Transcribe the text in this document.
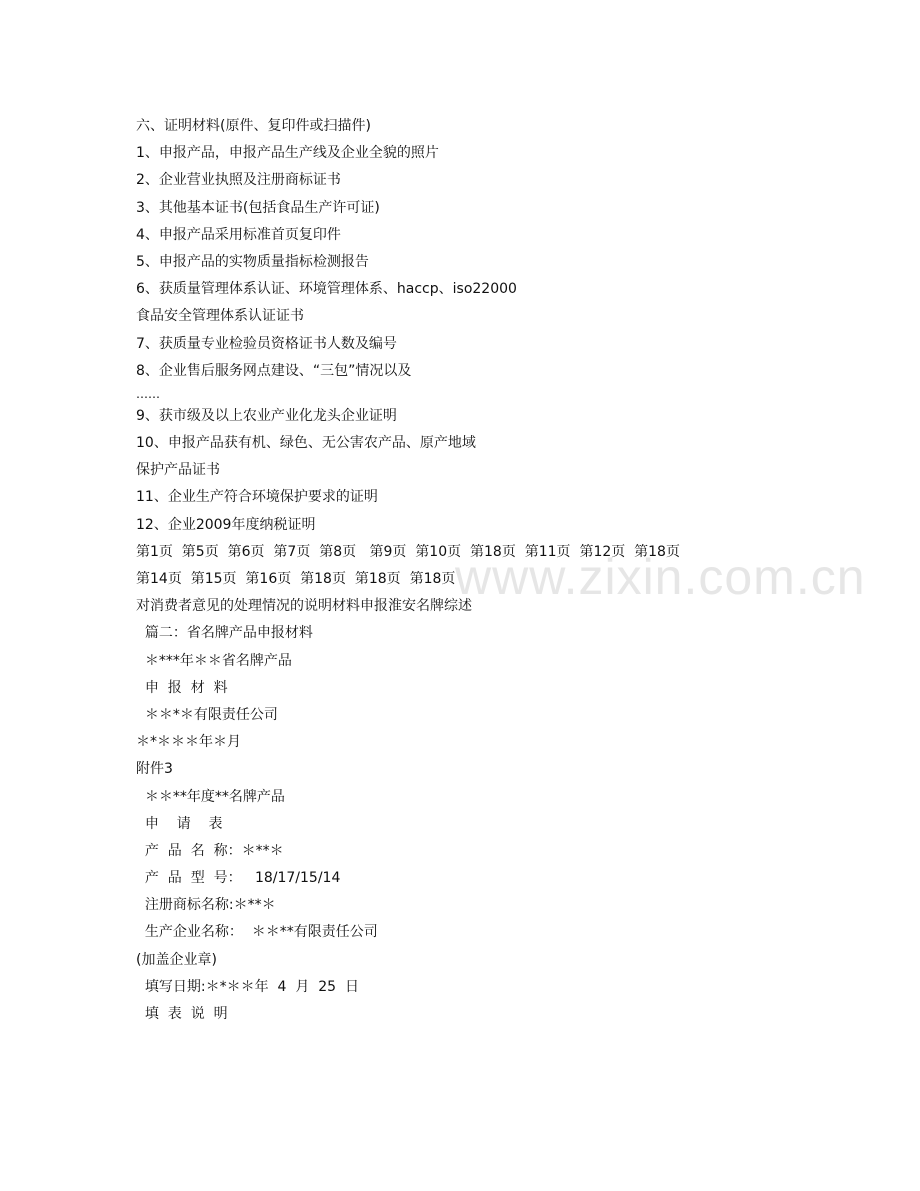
www.zixin.com.cn
六、证明材料(原件、复印件或扫描件)
1、申报产品，申报产品生产线及企业全貌的照片
2、企业营业执照及注册商标证书
3、其他基本证书(包括食品生产许可证)
4、申报产品采用标准首页复印件
5、申报产品的实物质量指标检测报告
6、获质量管理体系认证、环境管理体系、haccp、iso22000
食品安全管理体系认证证书
7、获质量专业检验员资格证书人数及编号
8、企业售后服务网点建设、“三包”情况以及
……
9、获市级及以上农业产业化龙头企业证明
10、申报产品获有机、绿色、无公害农产品、原产地域
保护产品证书
11、企业生产符合环境保护要求的证明
12、企业2009年度纳税证明
第1页  第5页  第6页  第7页  第8页   第9页  第10页  第18页  第11页  第12页  第18页
第14页  第15页  第16页  第18页  第18页  第18页
对消费者意见的处理情况的说明材料申报淮安名牌综述
篇二：省名牌产品申报材料
＊***年＊＊省名牌产品
申  报  材  料
＊＊*＊有限责任公司
＊*＊＊＊年＊月
附件3
＊＊**年度**名牌产品
申    请    表
产  品  名  称：＊**＊
产  品  型  号：   18/17/15/14
注册商标名称:＊**＊
生产企业名称：  ＊＊**有限责任公司
(加盖企业章)
填写日期:＊*＊＊年  4  月  25  日
填  表  说  明
